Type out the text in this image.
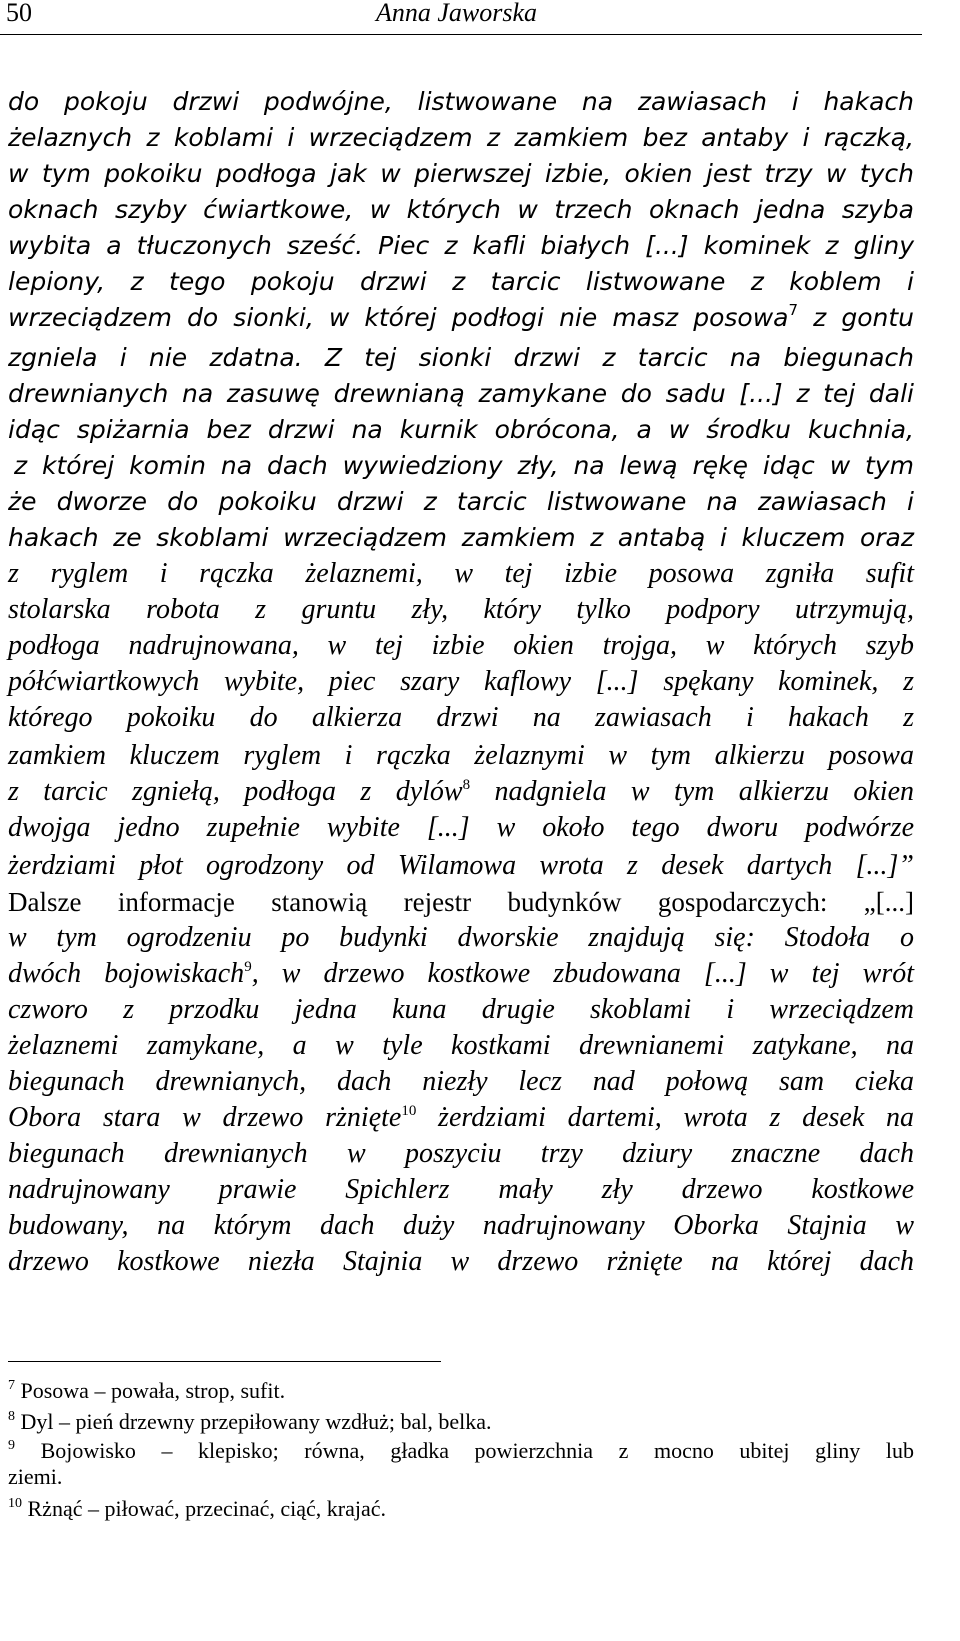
50	Anna Jaworska

do pokoju drzwi podwójne, listwowane na zawiasach i hakach

żelaznych z koblami i wrzeciądzem z zamkiem bez antaby i rączką,

w tym pokoiku podłoga jak w pierwszej izbie, okien jest trzy w tych

oknach szyby ćwiartkowe, w których w trzech oknach jedna szyba

wybita a tłuczonych sześć. Piec z kafli białych [...] kominek z gliny

lepiony, z tego pokoju drzwi z tarcic listwowane z koblem i

wrzeciądzem do sionki, w której podłogi nie masz posowa$^7$ z gontu

zgniela i nie zdatna. Z tej sionki drzwi z tarcic na biegunach

drewnianych na zasuwę drewnianą zamykane do sadu [...] z tej dali

idąc spiżarnia bez drzwi na kurnik obrócona, a w środku kuchnia,

z której komin na dach wywiedziony zły, na lewą rękę idąc w tym

że dworze do pokoiku drzwi z tarcic listwowane na zawiasach i

hakach ze skoblami wrzeciądzem zamkiem z antabą i kluczem oraz

z ryglem i rączka żelaznemi, w tej izbie posowa zgniła sufit

stolarska robota z gruntu zły, który tylko podpory utrzymują,

podłoga nadrujnowana, w tej izbie okien trojga, w których szyb

półćwiartkowych wybite, piec szary kaflowy [...] spękany kominek, z

którego pokoiku do alkierza drzwi na zawiasach i hakach z

zamkiem kluczem ryglem i rączka żelaznymi w tym alkierzu posowa

z tarcic zgniełą, podłoga z dylów$^8$ nadgniela w tym alkierzu okien

dwojga jedno zupełnie wybite [...] w około tego dworu podwórze

żerdziami płot ogrodzony od Wilamowa wrota z desek dartych [...]”

Dalsze informacje stanowią rejestr budynków gospodarczych: „[...]

w tym ogrodzeniu po budynki dworskie znajdują się: Stodoła o

dwóch bojowiskach$^9$, w drzewo kostkowe zbudowana [...] w tej wrót

czworo z przodku jedna kuna drugie skoblami i wrzeciądzem

żelaznemi zamykane, a w tyle kostkami drewnianemi zatykane, na

biegunach drewnianych, dach niezły lecz nad połową sam cieka

Obora stara w drzewo rżnięte$^{10}$ żerdziami dartemi, wrota z desek na

biegunach drewnianych w poszyciu trzy dziury znaczne dach

nadrujnowany prawie Spichlerz mały zły drzewo kostkowe

budowany, na którym dach duży nadrujnowany Oborka Stajnia w

drzewo kostkowe niezła Stajnia w drzewo rżnięte na której dach

$^7$ Posowa – powała, strop, sufit.

$^8$ Dyl – pień drzewny przepiłowany wzdłuż; bal, belka.

$^9$ Bojowisko – klepisko; równa, gładka powierzchnia z mocno ubitej gliny lub
ziemi.

$^{10}$ Rżnąć – piłować, przecinać, ciąć, krajać.
